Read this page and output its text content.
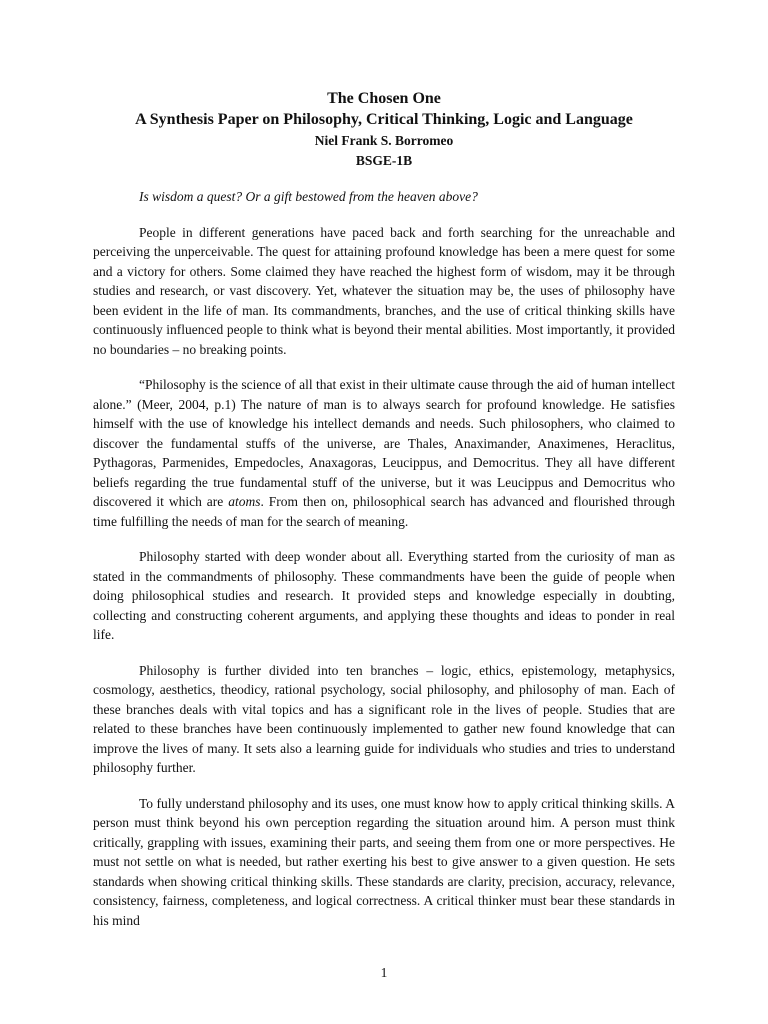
The Chosen One

A Synthesis Paper on Philosophy, Critical Thinking, Logic and Language

Niel Frank S. Borromeo

BSGE-1B

Is wisdom a quest? Or a gift bestowed from the heaven above?

People in different generations have paced back and forth searching for the unreachable and perceiving the unperceivable. The quest for attaining profound knowledge has been a mere quest for some and a victory for others. Some claimed they have reached the highest form of wisdom, may it be through studies and research, or vast discovery. Yet, whatever the situation may be, the uses of philosophy have been evident in the life of man. Its commandments, branches, and the use of critical thinking skills have continuously influenced people to think what is beyond their mental abilities. Most importantly, it provided no boundaries – no breaking points.

“Philosophy is the science of all that exist in their ultimate cause through the aid of human intellect alone.” (Meer, 2004, p.1) The nature of man is to always search for profound knowledge. He satisfies himself with the use of knowledge his intellect demands and needs. Such philosophers, who claimed to discover the fundamental stuffs of the universe, are Thales, Anaximander, Anaximenes, Heraclitus, Pythagoras, Parmenides, Empedocles, Anaxagoras, Leucippus, and Democritus. They all have different beliefs regarding the true fundamental stuff of the universe, but it was Leucippus and Democritus who discovered it which are atoms. From then on, philosophical search has advanced and flourished through time fulfilling the needs of man for the search of meaning.

Philosophy started with deep wonder about all. Everything started from the curiosity of man as stated in the commandments of philosophy. These commandments have been the guide of people when doing philosophical studies and research. It provided steps and knowledge especially in doubting, collecting and constructing coherent arguments, and applying these thoughts and ideas to ponder in real life.

Philosophy is further divided into ten branches – logic, ethics, epistemology, metaphysics, cosmology, aesthetics, theodicy, rational psychology, social philosophy, and philosophy of man. Each of these branches deals with vital topics and has a significant role in the lives of people. Studies that are related to these branches have been continuously implemented to gather new found knowledge that can improve the lives of many. It sets also a learning guide for individuals who studies and tries to understand philosophy further.

To fully understand philosophy and its uses, one must know how to apply critical thinking skills. A person must think beyond his own perception regarding the situation around him. A person must think critically, grappling with issues, examining their parts, and seeing them from one or more perspectives. He must not settle on what is needed, but rather exerting his best to give answer to a given question. He sets standards when showing critical thinking skills. These standards are clarity, precision, accuracy, relevance, consistency, fairness, completeness, and logical correctness. A critical thinker must bear these standards in his mind

1
